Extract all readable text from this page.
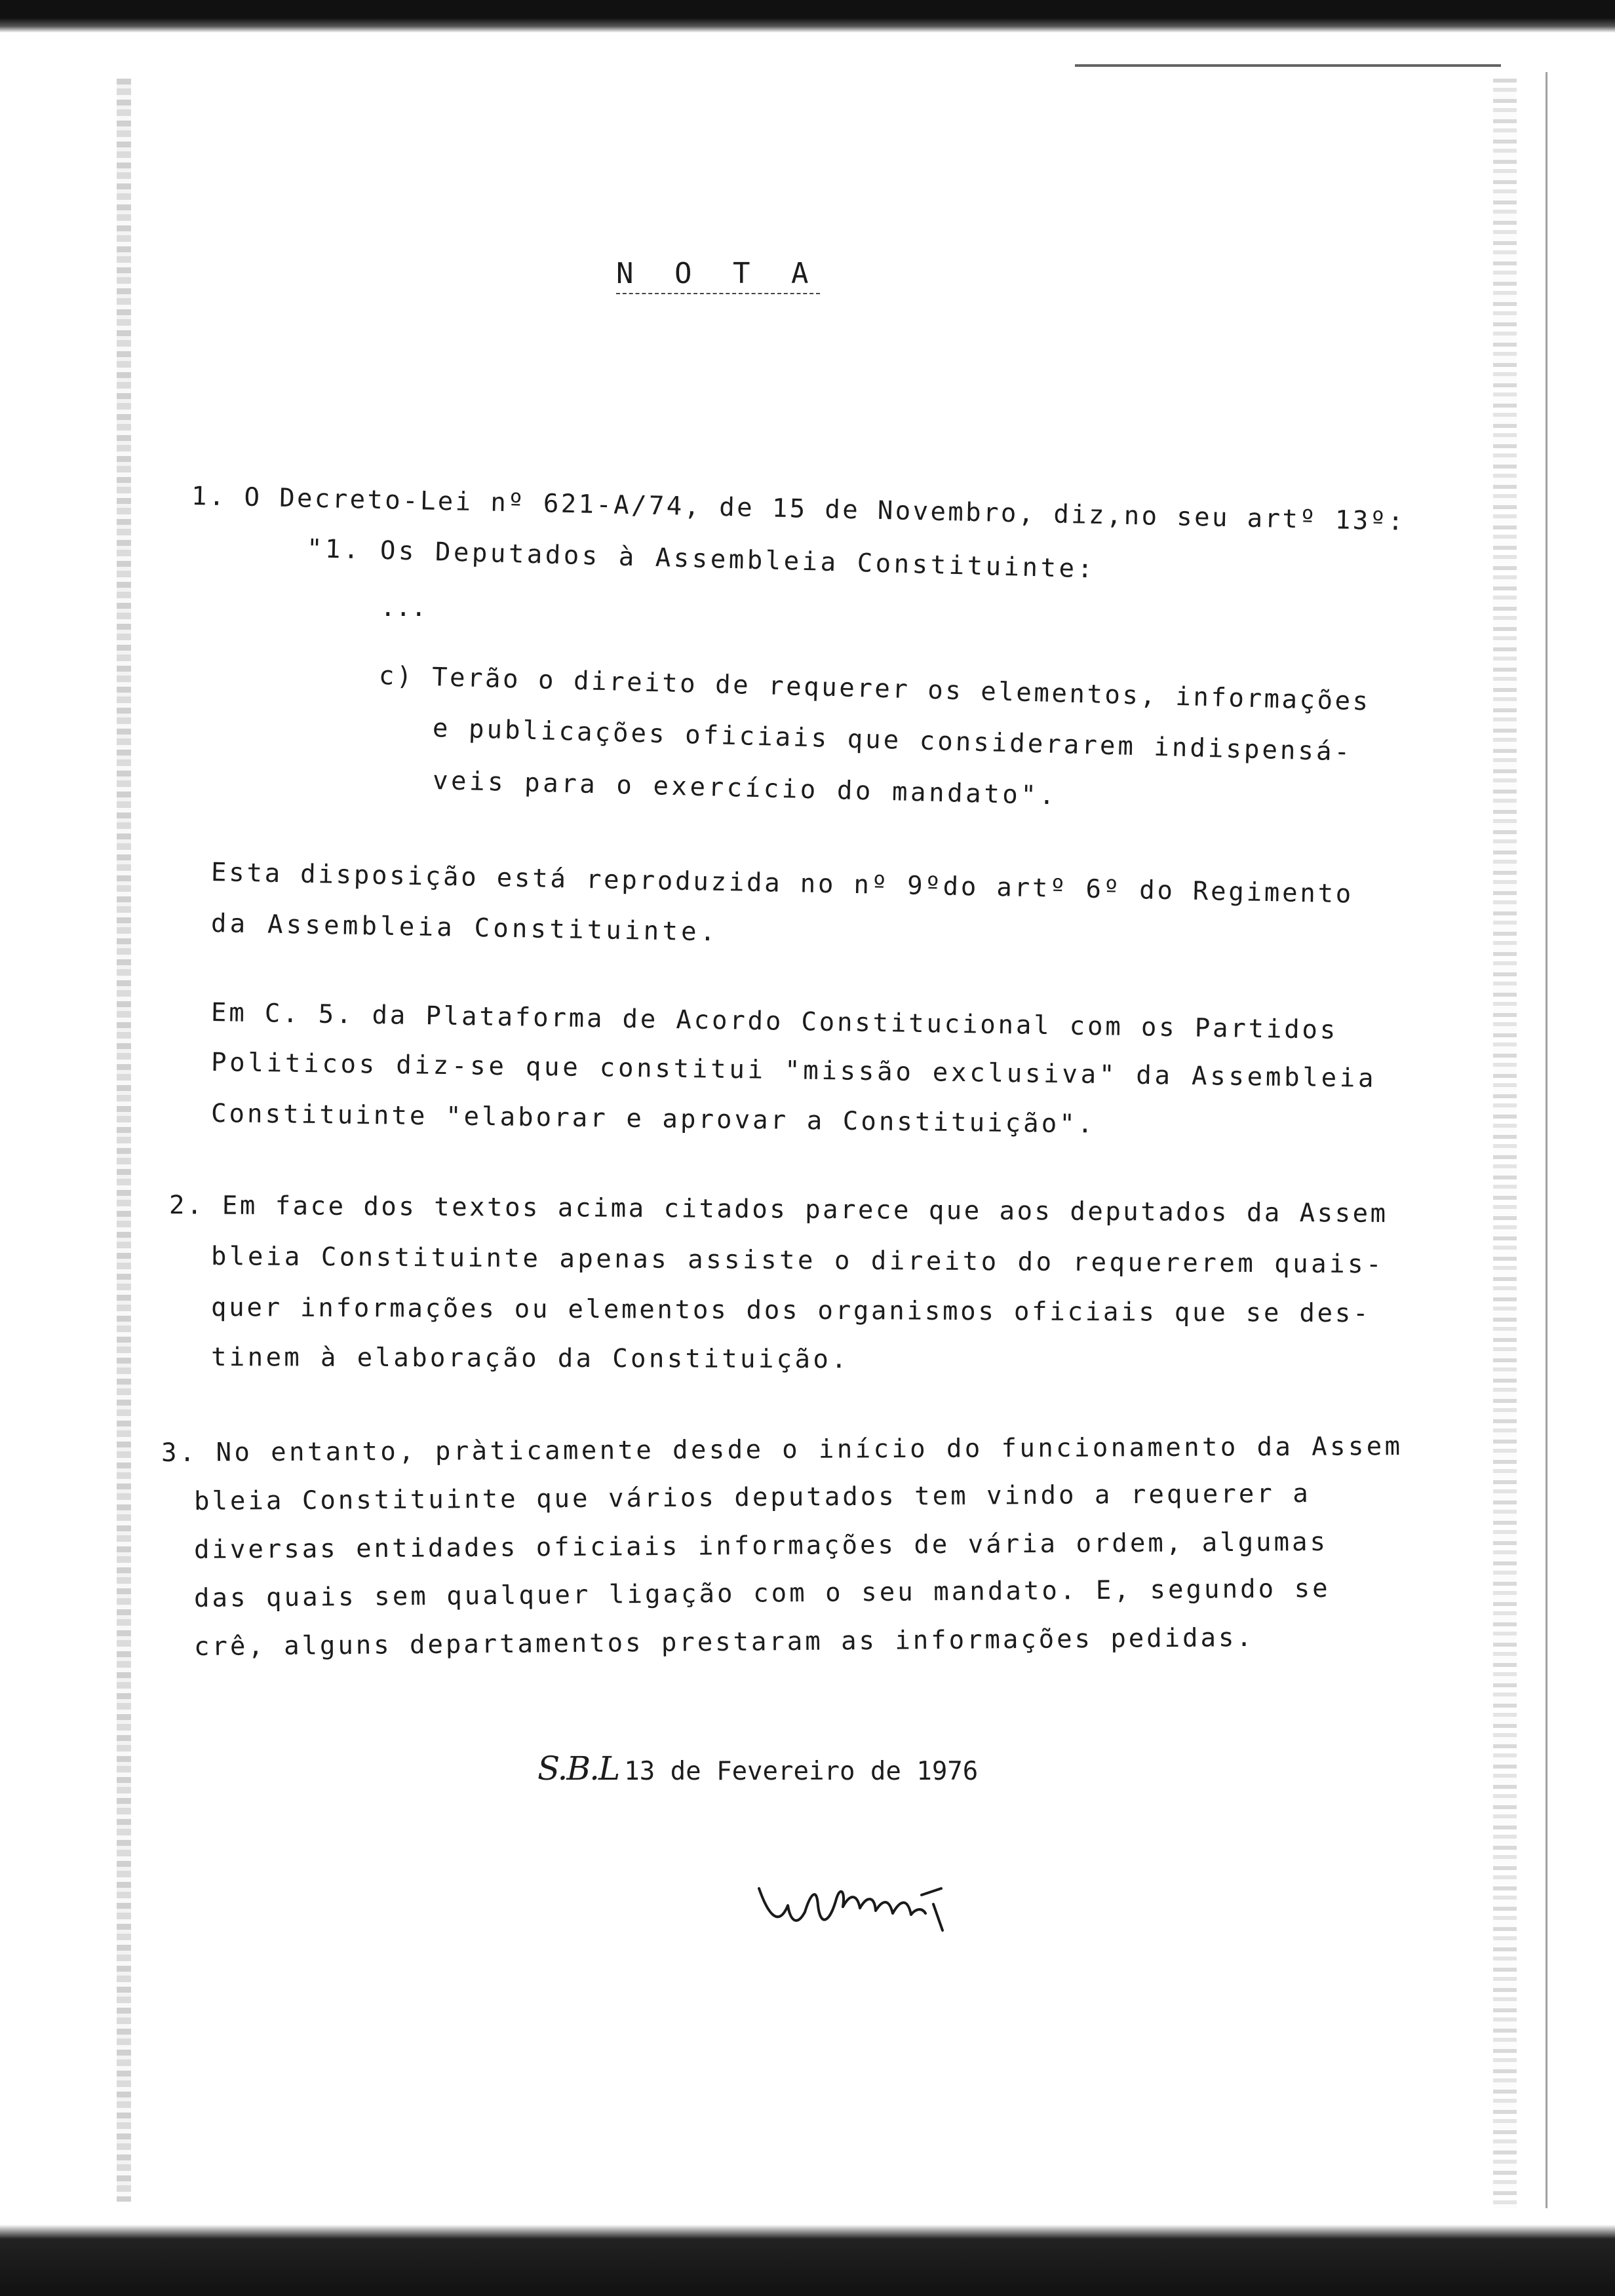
N O T A
1. O Decreto-Lei nº 621-A/74, de 15 de Novembro, diz,no seu artº 13º:
"1. Os Deputados à Assembleia Constituinte:
...
c) Terão o direito de requerer os elementos, informações
e publicações oficiais que considerarem indispensá-
veis para o exercício do mandato".
Esta disposição está reproduzida no nº 9ºdo artº 6º do Regimento
da Assembleia Constituinte.
Em C. 5. da Plataforma de Acordo Constitucional com os Partidos
Politicos diz-se que constitui "missão exclusiva" da Assembleia
Constituinte "elaborar e aprovar a Constituição".
2. Em face dos textos acima citados parece que aos deputados da Assem
bleia Constituinte apenas assiste o direito do requererem quais-
quer informações ou elementos dos organismos oficiais que se des-
tinem à elaboração da Constituição.
3. No entanto, pràticamente desde o início do funcionamento da Assem
bleia Constituinte que vários deputados tem vindo a requerer a
diversas entidades oficiais informações de vária ordem, algumas
das quais sem qualquer ligação com o seu mandato. E, segundo se
crê, alguns departamentos prestaram as informações pedidas.
S.B.L 13 de Fevereiro de 1976
